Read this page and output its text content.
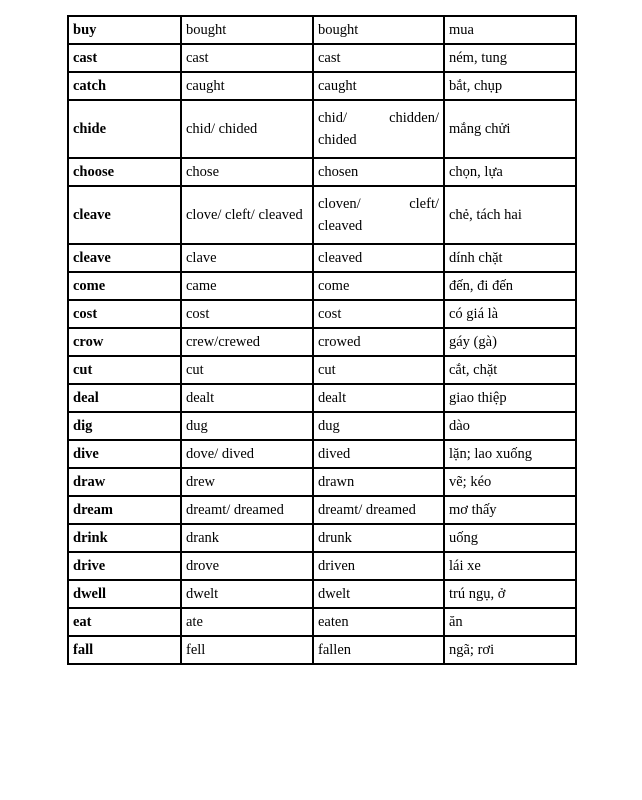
buy	bought	bought	mua
cast	cast	cast	ném, tung
catch	caught	caught	bắt, chụp
chide	chid/ chided	chid/ chidden/ chided	mắng chửi
choose	chose	chosen	chọn, lựa
cleave	clove/ cleft/ cleaved	cloven/ cleft/ cleaved	chẻ, tách hai
cleave	clave	cleaved	dính chặt
come	came	come	đến, đi đến
cost	cost	cost	có giá là
crow	crew/crewed	crowed	gáy (gà)
cut	cut	cut	cắt, chặt
deal	dealt	dealt	giao thiệp
dig	dug	dug	dào
dive	dove/ dived	dived	lặn; lao xuống
draw	drew	drawn	vẽ; kéo
dream	dreamt/ dreamed	dreamt/ dreamed	mơ thấy
drink	drank	drunk	uống
drive	drove	driven	lái xe
dwell	dwelt	dwelt	trú ngụ, ở
eat	ate	eaten	ăn
fall	fell	fallen	ngã; rơi
